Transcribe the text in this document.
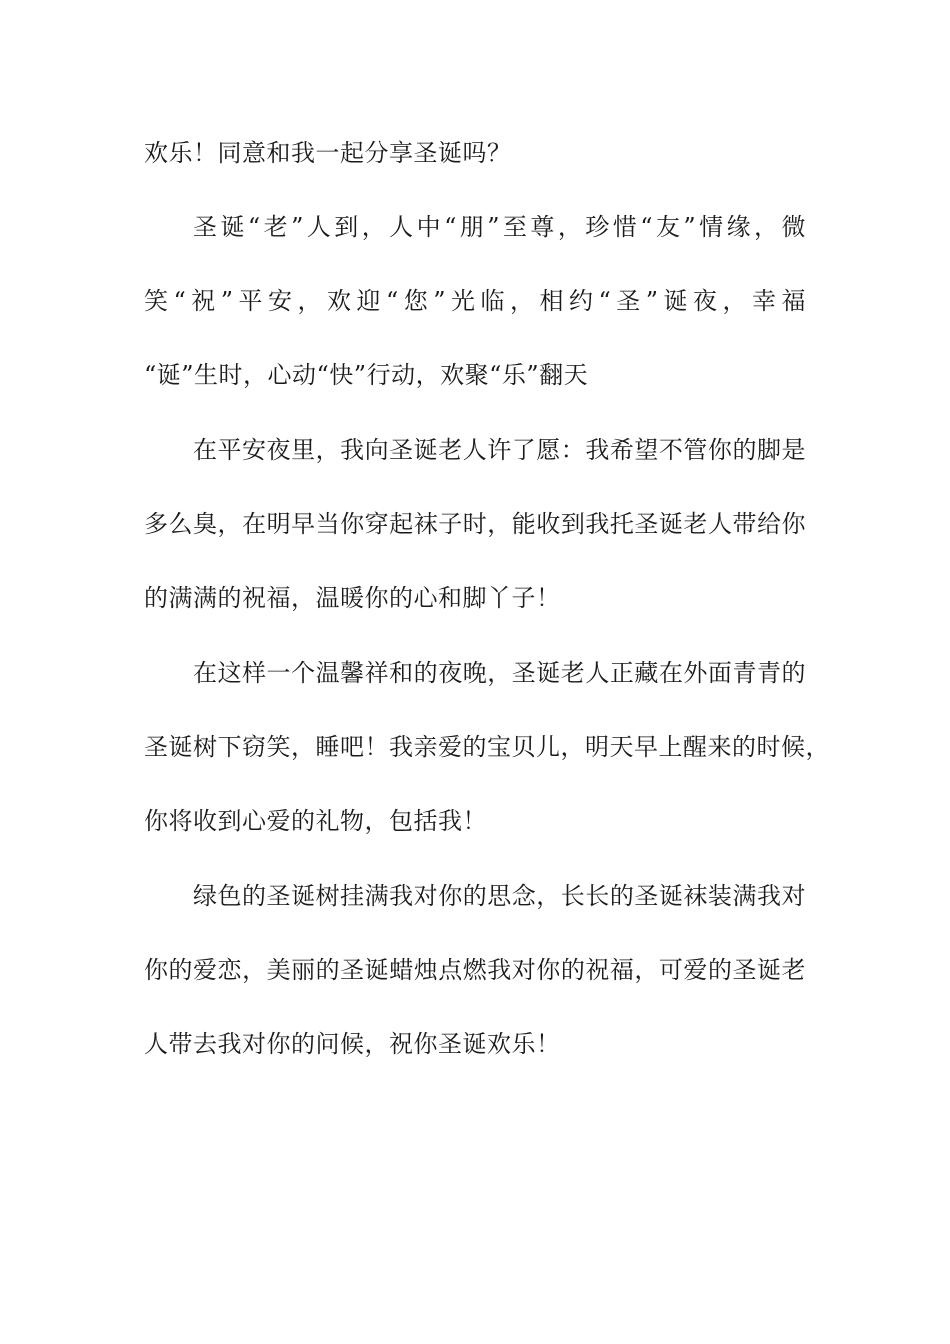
欢乐！同意和我一起分享圣诞吗？
圣诞“老”人到，人中“朋”至尊，珍惜“友”情缘，微
笑“祝”平安，欢迎“您”光临，相约“圣”诞夜，幸福
“诞”生时，心动“快”行动，欢聚“乐”翻天
在平安夜里，我向圣诞老人许了愿：我希望不管你的脚是
多么臭，在明早当你穿起袜子时，能收到我托圣诞老人带给你
的满满的祝福，温暖你的心和脚丫子！
在这样一个温馨祥和的夜晚，圣诞老人正藏在外面青青的
圣诞树下窃笑，睡吧！我亲爱的宝贝儿，明天早上醒来的时候，
你将收到心爱的礼物，包括我！
绿色的圣诞树挂满我对你的思念，长长的圣诞袜装满我对
你的爱恋，美丽的圣诞蜡烛点燃我对你的祝福，可爱的圣诞老
人带去我对你的问候，祝你圣诞欢乐！
